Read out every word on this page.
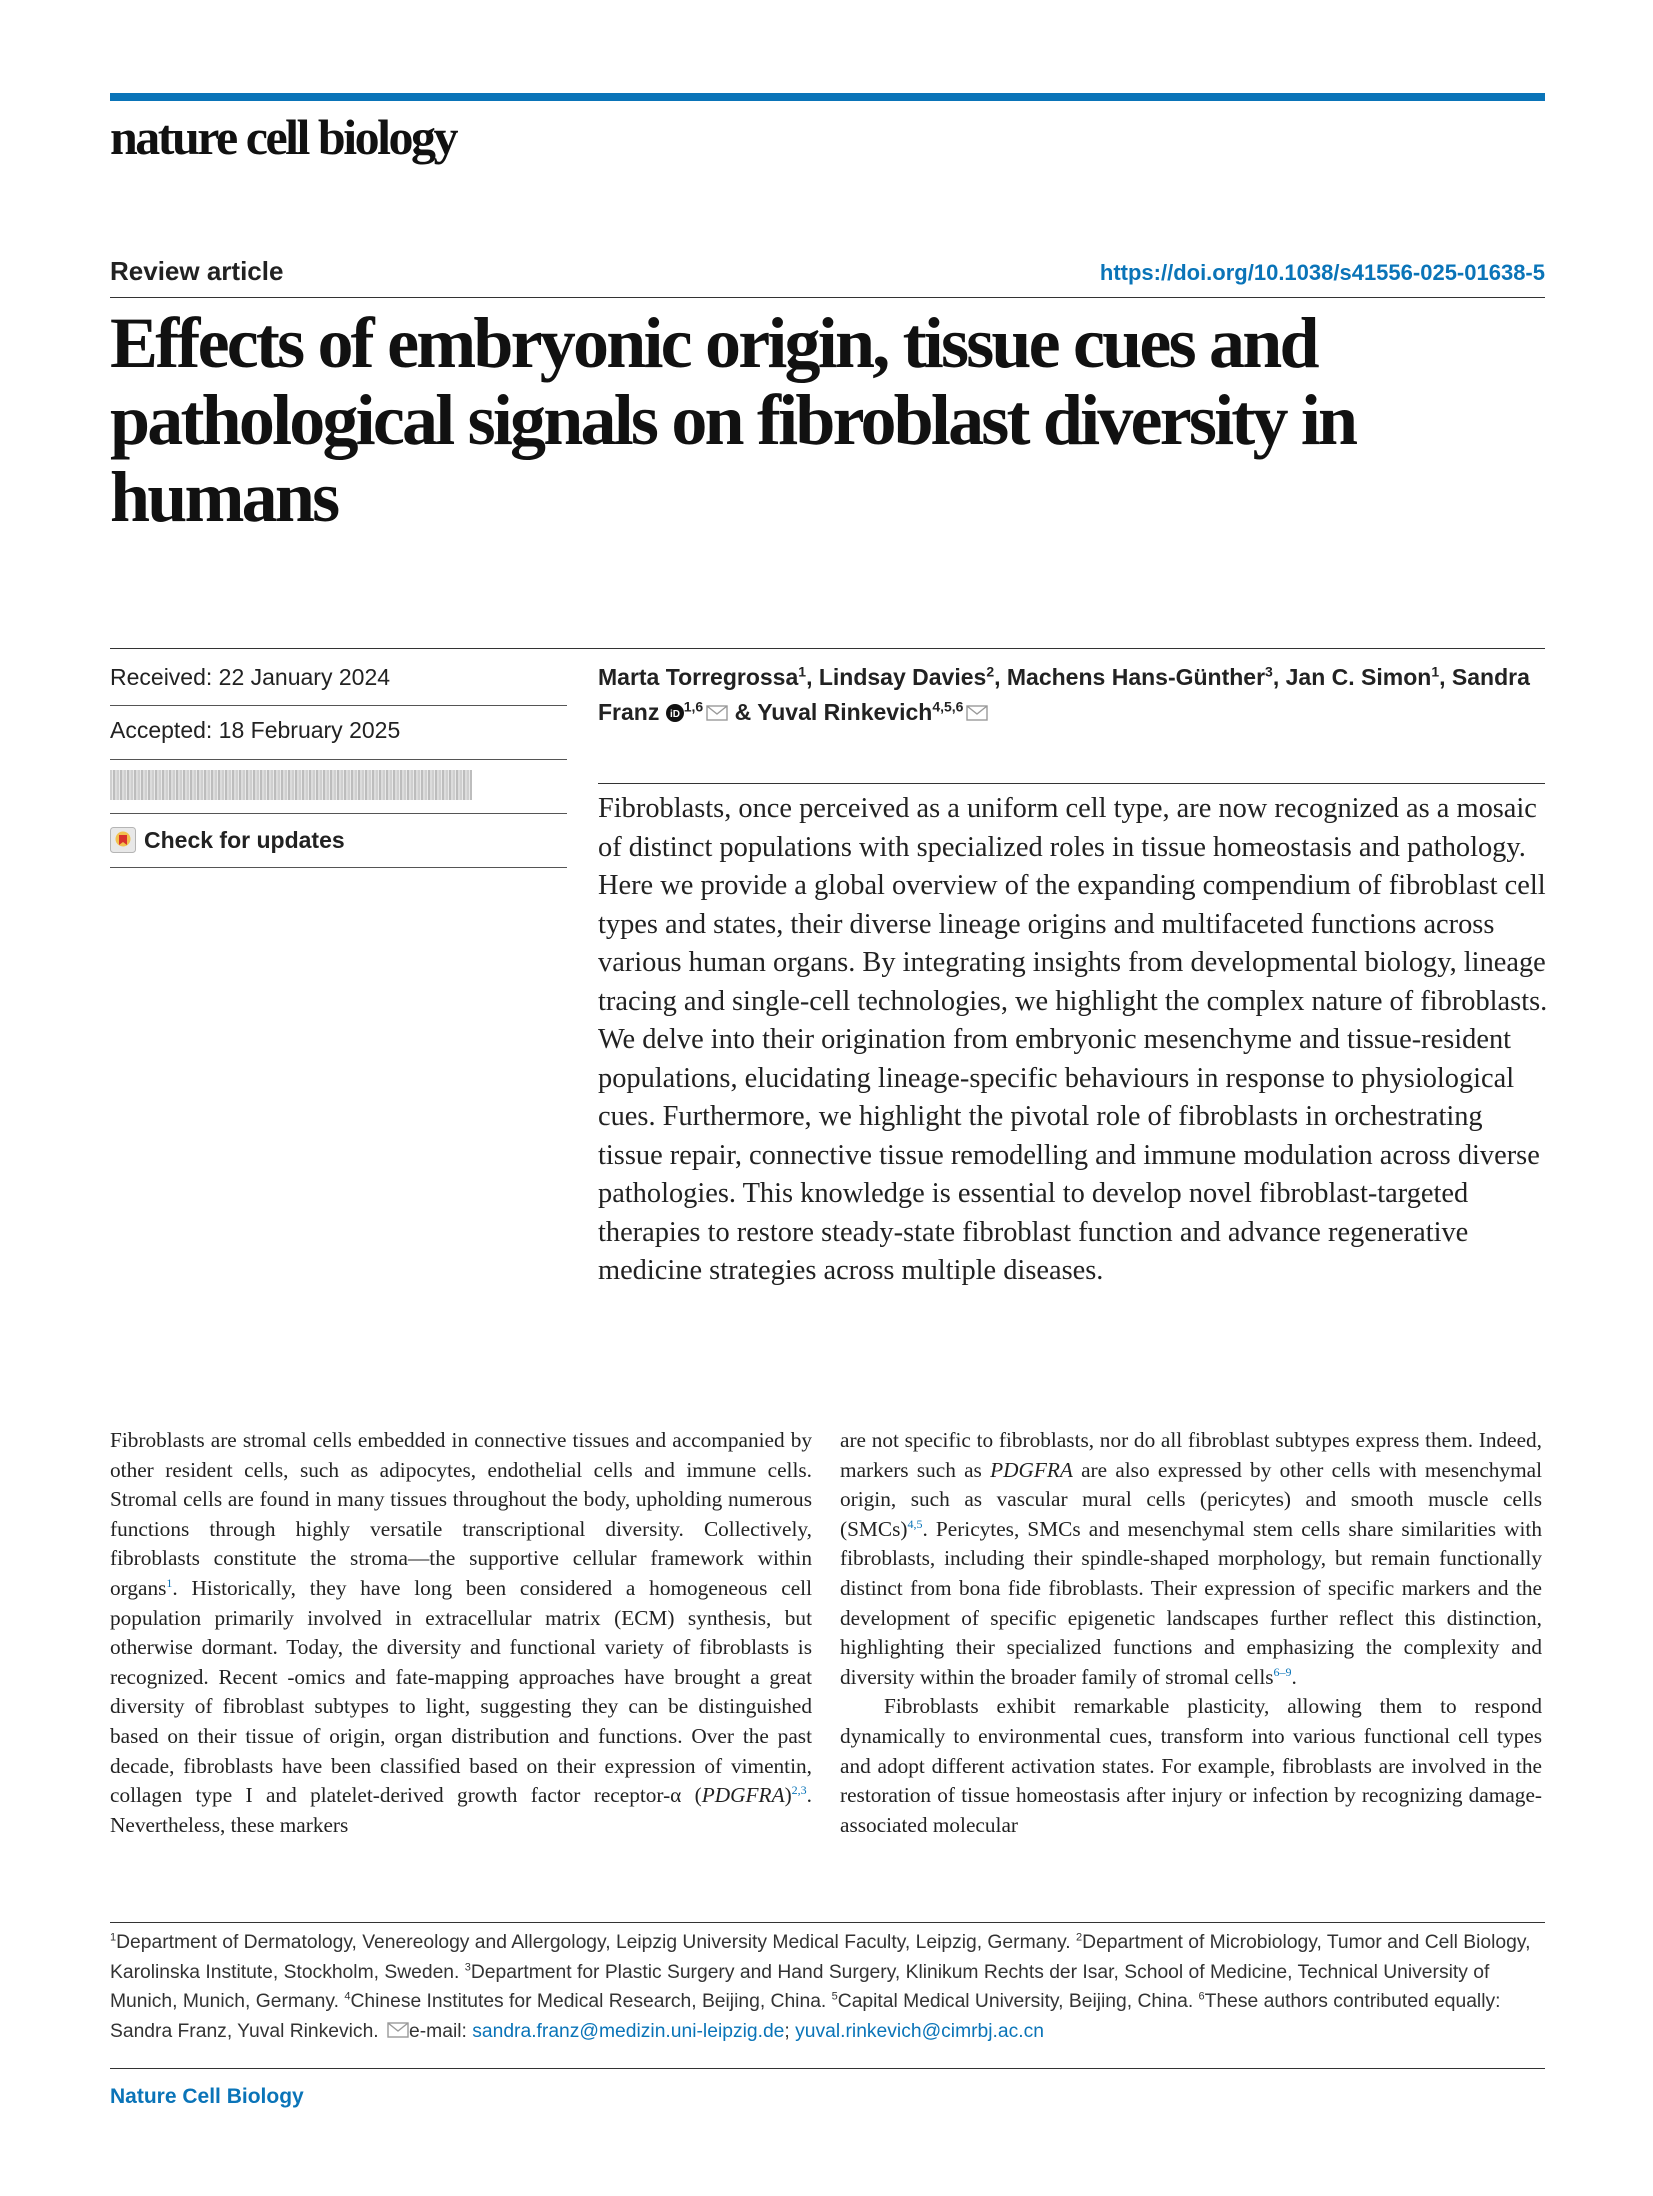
nature cell biology
Review article	https://doi.org/10.1038/s41556-025-01638-5
Effects of embryonic origin, tissue cues and pathological signals on fibroblast diversity in humans
Received: 22 January 2024
Accepted: 18 February 2025
Check for updates

Marta Torregrossa$^1$, Lindsay Davies$^2$, Machens Hans-Günther$^3$, Jan C. Simon$^1$, Sandra Franz iD
$^{1,6}$ & Yuval Rinkevich$^{4,5,6}$

Fibroblasts, once perceived as a uniform cell type, are now recognized as a mosaic of distinct populations with specialized roles in tissue homeostasis and pathology. Here we provide a global overview of the expanding compendium of fibroblast cell types and states, their diverse lineage origins and multifaceted functions across various human organs. By integrating insights from developmental biology, lineage tracing and single-cell technologies, we highlight the complex nature of fibroblasts. We delve into their origination from embryonic mesenchyme and tissue-resident populations, elucidating lineage-specific behaviours in response to physiological cues. Furthermore, we highlight the pivotal role of fibroblasts in orchestrating tissue repair, connective tissue remodelling and immune modulation across diverse pathologies. This knowledge is essential to develop novel fibroblast-targeted therapies to restore steady-state fibroblast function and advance regenerative medicine strategies across multiple diseases.

Fibroblasts are stromal cells embedded in connective tissues and accompanied by other resident cells, such as adipocytes, endothelial cells and immune cells. Stromal cells are found in many tissues throughout the body, upholding numerous functions through highly versatile transcriptional diversity. Collectively, fibroblasts constitute the stroma—the supportive cellular framework within organs$^1$. Historically, they have long been considered a homogeneous cell population primarily involved in extracellular matrix (ECM) synthesis, but otherwise dormant. Today, the diversity and functional variety of fibroblasts is recognized. Recent -omics and fate-mapping approaches have brought a great diversity of fibroblast subtypes to light, suggesting they can be distinguished based on their tissue of origin, organ distribution and functions. Over the past decade, fibroblasts have been classified based on their expression of vimentin, collagen type I and platelet-derived growth factor receptor-α (PDGFRA)$^{2,3}$. Nevertheless, these markers

are not specific to fibroblasts, nor do all fibroblast subtypes express them. Indeed, markers such as PDGFRA are also expressed by other cells with mesenchymal origin, such as vascular mural cells (pericytes) and smooth muscle cells (SMCs)$^{4,5}$. Pericytes, SMCs and mesenchymal stem cells share similarities with fibroblasts, including their spindle-shaped morphology, but remain functionally distinct from bona fide fibroblasts. Their expression of specific markers and the development of specific epigenetic landscapes further reflect this distinction, highlighting their specialized functions and emphasizing the complexity and diversity within the broader family of stromal cells$^{6-9}$.

Fibroblasts exhibit remarkable plasticity, allowing them to respond dynamically to environmental cues, transform into various functional cell types and adopt different activation states. For example, fibroblasts are involved in the restoration of tissue homeostasis after injury or infection by recognizing damage-associated molecular

$^1$Department of Dermatology, Venereology and Allergology, Leipzig University Medical Faculty, Leipzig, Germany. $^2$Department of Microbiology, Tumor and Cell Biology, Karolinska Institute, Stockholm, Sweden. $^3$Department for Plastic Surgery and Hand Surgery, Klinikum Rechts der Isar, School of Medicine, Technical University of Munich, Munich, Germany. $^4$Chinese Institutes for Medical Research, Beijing, China. $^5$Capital Medical University, Beijing, China. $^6$These authors contributed equally: Sandra Franz, Yuval Rinkevich. e-mail: sandra.franz@medizin.uni-leipzig.de; yuval.rinkevich@cimrbj.ac.cn

Nature Cell Biology
